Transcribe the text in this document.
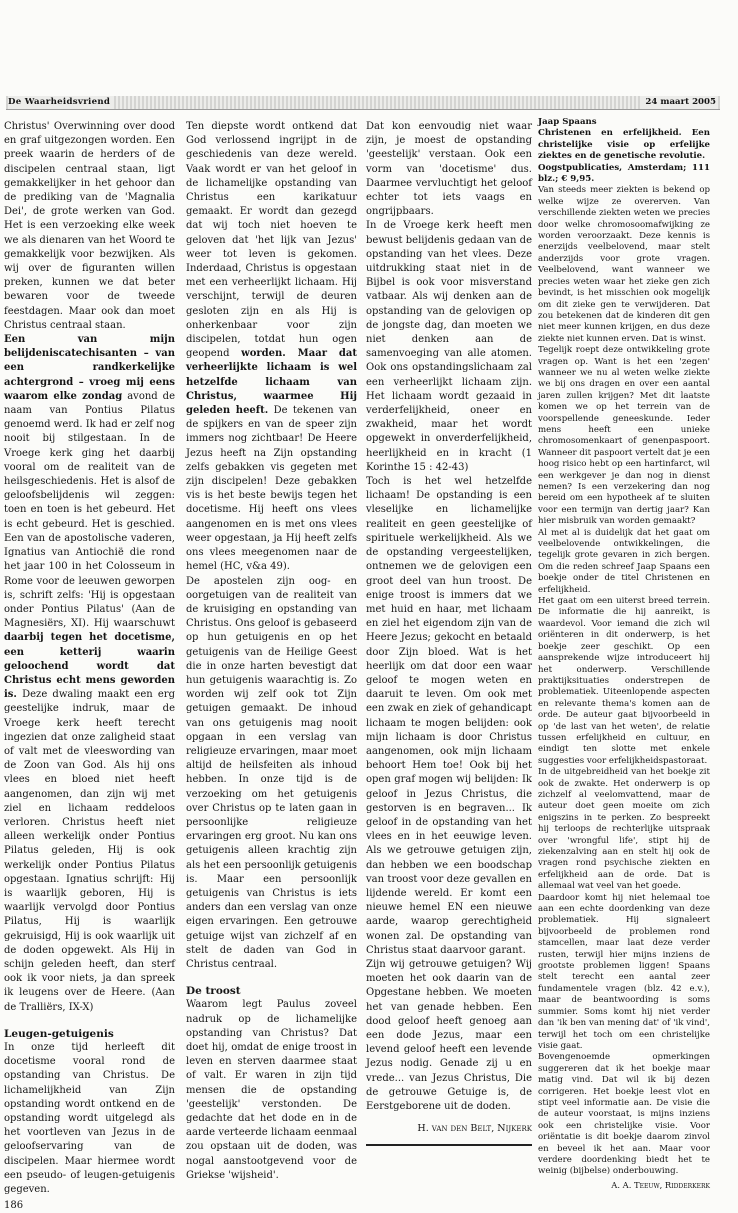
De Waarheidsvriend	24 maart 2005

Christus' Overwinning over dood en graf uitgezongen worden. Een preek waarin de herders of de discipelen centraal staan, ligt gemakkelijker in het gehoor dan de prediking van de 'Magnalia Dei', de grote werken van God. Het is een verzoeking elke week we als dienaren van het Woord te gemakkelijk voor bezwijken. Als wij over de figuranten willen preken, kunnen we dat beter bewaren voor de tweede feestdagen. Maar ook dan moet Christus centraal staan.

Een van mijn belijdeniscatechisanten – van een randkerkelijke achtergrond – vroeg mij eens waarom elke zondag avond de naam van Pontius Pilatus genoemd werd. Ik had er zelf nog nooit bij stilgestaan. In de Vroege kerk ging het daarbij vooral om de realiteit van de heilsgeschiedenis. Het is alsof de geloofsbelijdenis wil zeggen: toen en toen is het gebeurd. Het is echt gebeurd. Het is geschied. Een van de apostolische vaderen, Ignatius van Antiochië die rond het jaar 100 in het Colosseum in Rome voor de leeuwen geworpen is, schrift zelfs: 'Hij is opgestaan onder Pontius Pilatus' (Aan de Magnesiërs, XI). Hij waarschuwt daarbij tegen het docetisme, een ketterij waarin geloochend wordt dat Christus echt mens geworden is. Deze dwaling maakt een erg geestelijke indruk, maar de Vroege kerk heeft terecht ingezien dat onze zaligheid staat of valt met de vleeswording van de Zoon van God. Als hij ons vlees en bloed niet heeft aangenomen, dan zijn wij met ziel en lichaam reddeloos verloren. Christus heeft niet alleen werkelijk onder Pontius Pilatus geleden, Hij is ook werkelijk onder Pontius Pilatus opgestaan. Ignatius schrijft: Hij is waarlijk geboren, Hij is waarlijk vervolgd door Pontius Pilatus, Hij is waarlijk gekruisigd, Hij is ook waarlijk uit de doden opgewekt. Als Hij in schijn geleden heeft, dan sterf ook ik voor niets, ja dan spreek ik leugens over de Heere. (Aan de Tralliërs, IX-X)

Leugen-getuigenis

In onze tijd herleeft dit docetisme vooral rond de opstanding van Christus. De lichamelijkheid van Zijn opstanding wordt ontkend en de opstanding wordt uitgelegd als het voortleven van Jezus in de geloofservaring van de discipelen. Maar hiermee wordt een pseudo- of leugen-getuigenis gegeven.

186

Ten diepste wordt ontkend dat God verlossend ingrijpt in de geschiedenis van deze wereld. Vaak wordt er van het geloof in de lichamelijke opstanding van Christus een karikatuur gemaakt. Er wordt dan gezegd dat wij toch niet hoeven te geloven dat 'het lijk van Jezus' weer tot leven is gekomen. Inderdaad, Christus is opgestaan met een verheerlijkt lichaam. Hij verschijnt, terwijl de deuren gesloten zijn en als Hij is onherkenbaar voor zijn discipelen, totdat hun ogen geopend worden. Maar dat verheerlijkte lichaam is wel hetzelfde lichaam van Christus, waarmee Hij geleden heeft. De tekenen van de spijkers en van de speer zijn immers nog zichtbaar! De Heere Jezus heeft na Zijn opstanding zelfs gebakken vis gegeten met zijn discipelen! Deze gebakken vis is het beste bewijs tegen het docetisme. Hij heeft ons vlees aangenomen en is met ons vlees weer opgestaan, ja Hij heeft zelfs ons vlees meegenomen naar de hemel (HC, v&a 49).

De apostelen zijn oog- en oorgetuigen van de realiteit van de kruisiging en opstanding van Christus. Ons geloof is gebaseerd op hun getuigenis en op het getuigenis van de Heilige Geest die in onze harten bevestigt dat hun getuigenis waarachtig is. Zo worden wij zelf ook tot Zijn getuigen gemaakt. De inhoud van ons getuigenis mag nooit opgaan in een verslag van religieuze ervaringen, maar moet altijd de heilsfeiten als inhoud hebben. In onze tijd is de verzoeking om het getuigenis over Christus op te laten gaan in persoonlijke religieuze ervaringen erg groot. Nu kan ons getuigenis alleen krachtig zijn als het een persoonlijk getuigenis is. Maar een persoonlijk getuigenis van Christus is iets anders dan een verslag van onze eigen ervaringen. Een getrouwe getuige wijst van zichzelf af en stelt de daden van God in Christus centraal.

De troost

Waarom legt Paulus zoveel nadruk op de lichamelijke opstanding van Christus? Dat doet hij, omdat de enige troost in leven en sterven daarmee staat of valt. Er waren in zijn tijd mensen die de opstanding 'geestelijk' verstonden. De gedachte dat het dode en in de aarde verteerde lichaam eenmaal zou opstaan uit de doden, was nogal aanstootgevend voor de Griekse 'wijsheid'.

Dat kon eenvoudig niet waar zijn, je moest de opstanding 'geestelijk' verstaan. Ook een vorm van 'docetisme' dus. Daarmee vervluchtigt het geloof echter tot iets vaags en ongrijpbaars.

In de Vroege kerk heeft men bewust belijdenis gedaan van de opstanding van het vlees. Deze uitdrukking staat niet in de Bijbel is ook voor misverstand vatbaar. Als wij denken aan de opstanding van de gelovigen op de jongste dag, dan moeten we niet denken aan de samenvoeging van alle atomen. Ook ons opstandingslichaam zal een verheerlijkt lichaam zijn. Het lichaam wordt gezaaid in verderfelijkheid, oneer en zwakheid, maar het wordt opgewekt in onverderfelijkheid, heerlijkheid en in kracht (1 Korinthe 15 : 42-43)

Toch is het wel hetzelfde lichaam! De opstanding is een vleselijke en lichamelijke realiteit en geen geestelijke of spirituele werkelijkheid. Als we de opstanding vergeestelijken, ontnemen we de gelovigen een groot deel van hun troost. De enige troost is immers dat we met huid en haar, met lichaam en ziel het eigendom zijn van de Heere Jezus; gekocht en betaald door Zijn bloed. Wat is het heerlijk om dat door een waar geloof te mogen weten en daaruit te leven. Om ook met een zwak en ziek of gehandicapt lichaam te mogen belijden: ook mijn lichaam is door Christus aangenomen, ook mijn lichaam behoort Hem toe! Ook bij het open graf mogen wij belijden: Ik geloof in Jezus Christus, die gestorven is en begraven... Ik geloof in de opstanding van het vlees en in het eeuwige leven. Als we getrouwe getuigen zijn, dan hebben we een boodschap van troost voor deze gevallen en lijdende wereld. Er komt een nieuwe hemel EN een nieuwe aarde, waarop gerechtigheid wonen zal. De opstanding van Christus staat daarvoor garant.

Zijn wij getrouwe getuigen? Wij moeten het ook daarin van de Opgestane hebben. We moeten het van genade hebben. Een dood geloof heeft genoeg aan een dode Jezus, maar een levend geloof heeft een levende Jezus nodig. Genade zij u en vrede... van Jezus Christus, Die de getrouwe Getuige is, de Eerstgeborene uit de doden.

H. van den Belt, Nijkerk

Jaap Spaans

Christenen en erfelijkheid. Een christelijke visie op erfelijke ziektes en de genetische revolutie.

Oogstpublicaties, Amsterdam; 111 blz.; € 9,95.

Van steeds meer ziekten is bekend op welke wijze ze overerven. Van verschillende ziekten weten we precies door welke chromosoomafwijking ze worden veroorzaakt. Deze kennis is enerzijds veelbelovend, maar stelt anderzijds voor grote vragen. Veelbelovend, want wanneer we precies weten waar het zieke gen zich bevindt, is het misschien ook mogelijk om dit zieke gen te verwijderen. Dat zou betekenen dat de kinderen dit gen niet meer kunnen krijgen, en dus deze ziekte niet kunnen erven. Dat is winst.

Tegelijk roept deze ontwikkeling grote vragen op. Want is het een 'zegen' wanneer we nu al weten welke ziekte we bij ons dragen en over een aantal jaren zullen krijgen? Met dit laatste komen we op het terrein van de voorspellende geneeskunde. Ieder mens heeft een unieke chromosomenkaart of genenpaspoort. Wanneer dit paspoort vertelt dat je een hoog risico hebt op een hartinfarct, wil een werkgever je dan nog in dienst nemen? Is een verzekering dan nog bereid om een hypotheek af te sluiten voor een termijn van dertig jaar? Kan hier misbruik van worden gemaakt?

Al met al is duidelijk dat het gaat om veelbelovende ontwikkelingen, die tegelijk grote gevaren in zich bergen. Om die reden schreef Jaap Spaans een boekje onder de titel Christenen en erfelijkheid.

Het gaat om een uiterst breed terrein. De informatie die hij aanreikt, is waardevol. Voor iemand die zich wil oriënteren in dit onderwerp, is het boekje zeer geschikt. Op een aansprekende wijze introduceert hij het onderwerp. Verschillende praktijksituaties onderstrepen de problematiek. Uiteenlopende aspecten en relevante thema's komen aan de orde. De auteur gaat bijvoorbeeld in op 'de last van het weten', de relatie tussen erfelijkheid en cultuur, en eindigt ten slotte met enkele suggesties voor erfelijkheidspastoraat.

In de uitgebreidheid van het boekje zit ook de zwakte. Het onderwerp is op zichzelf al veelomvattend, maar de auteur doet geen moeite om zich enigszins in te perken. Zo bespreekt hij terloops de rechterlijke uitspraak over 'wrongful life', stipt hij de ziekenzalving aan en stelt hij ook de vragen rond psychische ziekten en erfelijkheid aan de orde. Dat is allemaal wat veel van het goede.

Daardoor komt hij niet helemaal toe aan een echte doordenking van deze problematiek. Hij signaleert bijvoorbeeld de problemen rond stamcellen, maar laat deze verder rusten, terwijl hier mijns inziens de grootste problemen liggen! Spaans stelt terecht een aantal zeer fundamentele vragen (blz. 42 e.v.), maar de beantwoording is soms summier. Soms komt hij niet verder dan 'ik ben van mening dat' of 'ik vind', terwijl het toch om een christelijke visie gaat.

Bovengenoemde opmerkingen suggereren dat ik het boekje maar matig vind. Dat wil ik bij dezen corrigeren. Het boekje leest vlot en stipt veel informatie aan. De visie die de auteur voorstaat, is mijns inziens ook een christelijke visie. Voor oriëntatie is dit boekje daarom zinvol en beveel ik het aan. Maar voor verdere doordenking biedt het te weinig (bijbelse) onderbouwing.

A. A. Teeuw, Ridderkerk
